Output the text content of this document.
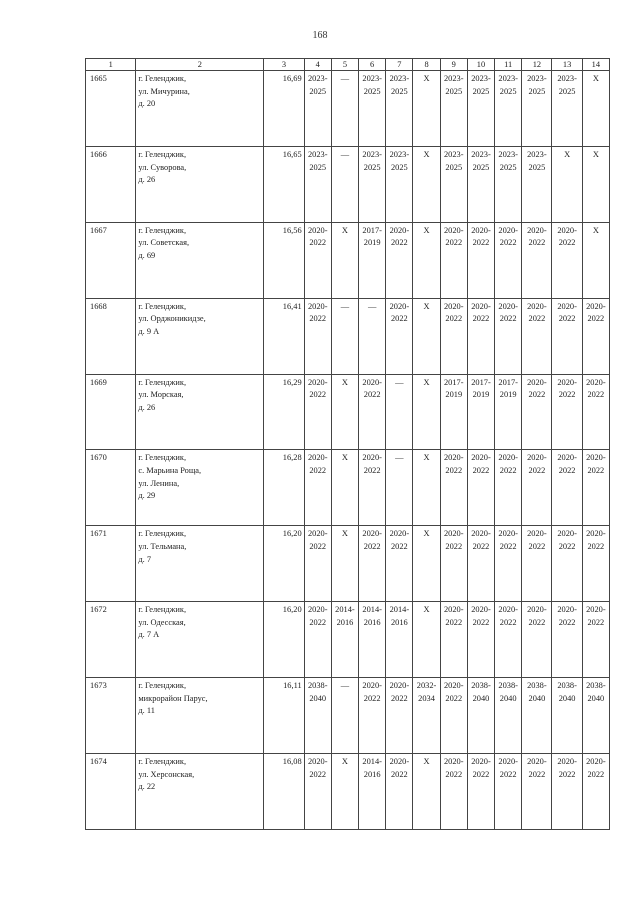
168
1	2	3	4	5	6	7	8	9	10	11	12	13	14
1665	г. Геленджик,
ул. Мичурина,
д. 20	16,69	2023-
2025	—	2023-
2025	2023-
2025	X	2023-
2025	2023-
2025	2023-
2025	2023-
2025	2023-
2025	X

1666	г. Геленджик,
ул. Суворова,
д. 26	16,65	2023-
2025	—	2023-
2025	2023-
2025	X	2023-
2025	2023-
2025	2023-
2025	2023-
2025	X	X

1667	г. Геленджик,
ул. Советская,
д. 69	16,56	2020-
2022	X	2017-
2019	2020-
2022	X	2020-
2022	2020-
2022	2020-
2022	2020-
2022	2020-
2022	X

1668	г. Геленджик,
ул. Орджоникидзе,
д. 9 А	16,41	2020-
2022	—	—	2020-
2022	X	2020-
2022	2020-
2022	2020-
2022	2020-
2022	2020-
2022	2020-
2022

1669	г. Геленджик,
ул. Морская,
д. 26	16,29	2020-
2022	X	2020-
2022	—	X	2017-
2019	2017-
2019	2017-
2019	2020-
2022	2020-
2022	2020-
2022

1670	г. Геленджик,
с. Марьина Роща,
ул. Ленина,
д. 29	16,28	2020-
2022	X	2020-
2022	—	X	2020-
2022	2020-
2022	2020-
2022	2020-
2022	2020-
2022	2020-
2022

1671	г. Геленджик,
ул. Тельмана,
д. 7	16,20	2020-
2022	X	2020-
2022	2020-
2022	X	2020-
2022	2020-
2022	2020-
2022	2020-
2022	2020-
2022	2020-
2022

1672	г. Геленджик,
ул. Одесская,
д. 7 А	16,20	2020-
2022	2014-
2016	2014-
2016	2014-
2016	X	2020-
2022	2020-
2022	2020-
2022	2020-
2022	2020-
2022	2020-
2022

1673	г. Геленджик,
микрорайон Парус,
д. 11	16,11	2038-
2040	—	2020-
2022	2020-
2022	2032-
2034	2020-
2022	2038-
2040	2038-
2040	2038-
2040	2038-
2040	2038-
2040

1674	г. Геленджик,
ул. Херсонская,
д. 22	16,08	2020-
2022	X	2014-
2016	2020-
2022	X	2020-
2022	2020-
2022	2020-
2022	2020-
2022	2020-
2022	2020-
2022
